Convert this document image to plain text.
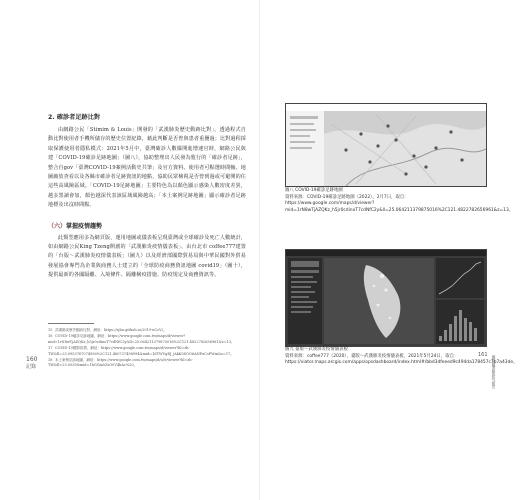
2. 確診者足跡比對

由網路公民「Stimim & Louis」開發的「武漢肺炎歷史動跡比對」，透過程式自動比對使用者手機所儲存的歷史位置紀錄，藉此判斷是否曾與患者重疊過；比對過程採取保護使用者隱私模式：2021年5月中，臺灣確診人數爆開進增速官時，網路公民與建「COVID-19確診足跡地圖」（圖八），協助整理出人民發為覧行的「確診者足跡」，整合自gov「臺灣COVID-19案例活動史共筆」及官方資料、使用者可點選時間軸、地圖縮放查看以及各縣市確診者足跡資訊的地點，協助民眾檢視是否曾到過或可避開的住這些高風險區域。「COVID-19足跡地圖」主要特色為以顏色顯示感染人數密度差異，越多黑讀會加，顏色越深代表該區域風險越高；「本土案例足跡地圖」顯示確診者足跡地標及出沒時間點。

（六）掌握疫情趨勢

此類型應用多為網頁版，運用地圖或儀表板呈現臺灣或全球確診及死亡人數統計，如由網路公民King Tzeng開創的「武漢肺炎疫情儀表板」、由台北市 coffee777建置的「台版～武漢肺炎疫情儀表板」（圖九）以及經濟部國際貿易局與中華民國對外貿易發展協會專門為企業與商務人士建立的「全球防疫商務資訊地圖 covid19」（圖十），提供最新的各國隔離、入境條件、隔離檢疫措施、防疫規定及商務資訊等。

15 武漢肺炎歷史動跡比對，網址：https://sjhu.github.io/2019-nCoV/。
16 COVID-19確診足跡地圖，網址：https://www.google.com.tw/maps/d/viewer?mid=1rN8wTjAZQKz_h5jr0cdinoT7cdNfC2y&ll=25.064211379875016%2C121.4822782656961&z=13。
17 COVID-19國際疫情，網址：https://www.google.com.tw/maps/d/viewer?hl=zh-TW&ll=25.0953767074956%2C121.460737498994&mid=16TWVgRJ_jAkK0SOO6ANPuCsPWm&z=17。
18 本土案例足跡地圖，網址：https://www.google.com.tw/maps/d/u/0/viewer?hl=zh-TW&ll=25.0539&mid=1hGGm5ZsO0V4hAc%20。
160
記錄
圖八 COVID-19確診足跡地圖
資料來源：COVID-19確診足跡地圖（2022），2月7日，取自：https://www.google.com/maps/d/viewer?mid=1rN8wTjAZQKz_h5jr0cdinoT7cdNfC2y&ll=25.064211379875016%2C121.4822782656961&z=13。
圖九 臺版～武漢肺炎疫情儀表板
資料來源：coffee777（2020），臺版～武漢肺炎疫情儀表板，2021年5月24日，取自：https://viator.maps.arcgis.com/apps/opsdashboard/index.html#/bbd3dfeeed9c494da178457c7b7a43de。
161	國家圖書館研究報告
